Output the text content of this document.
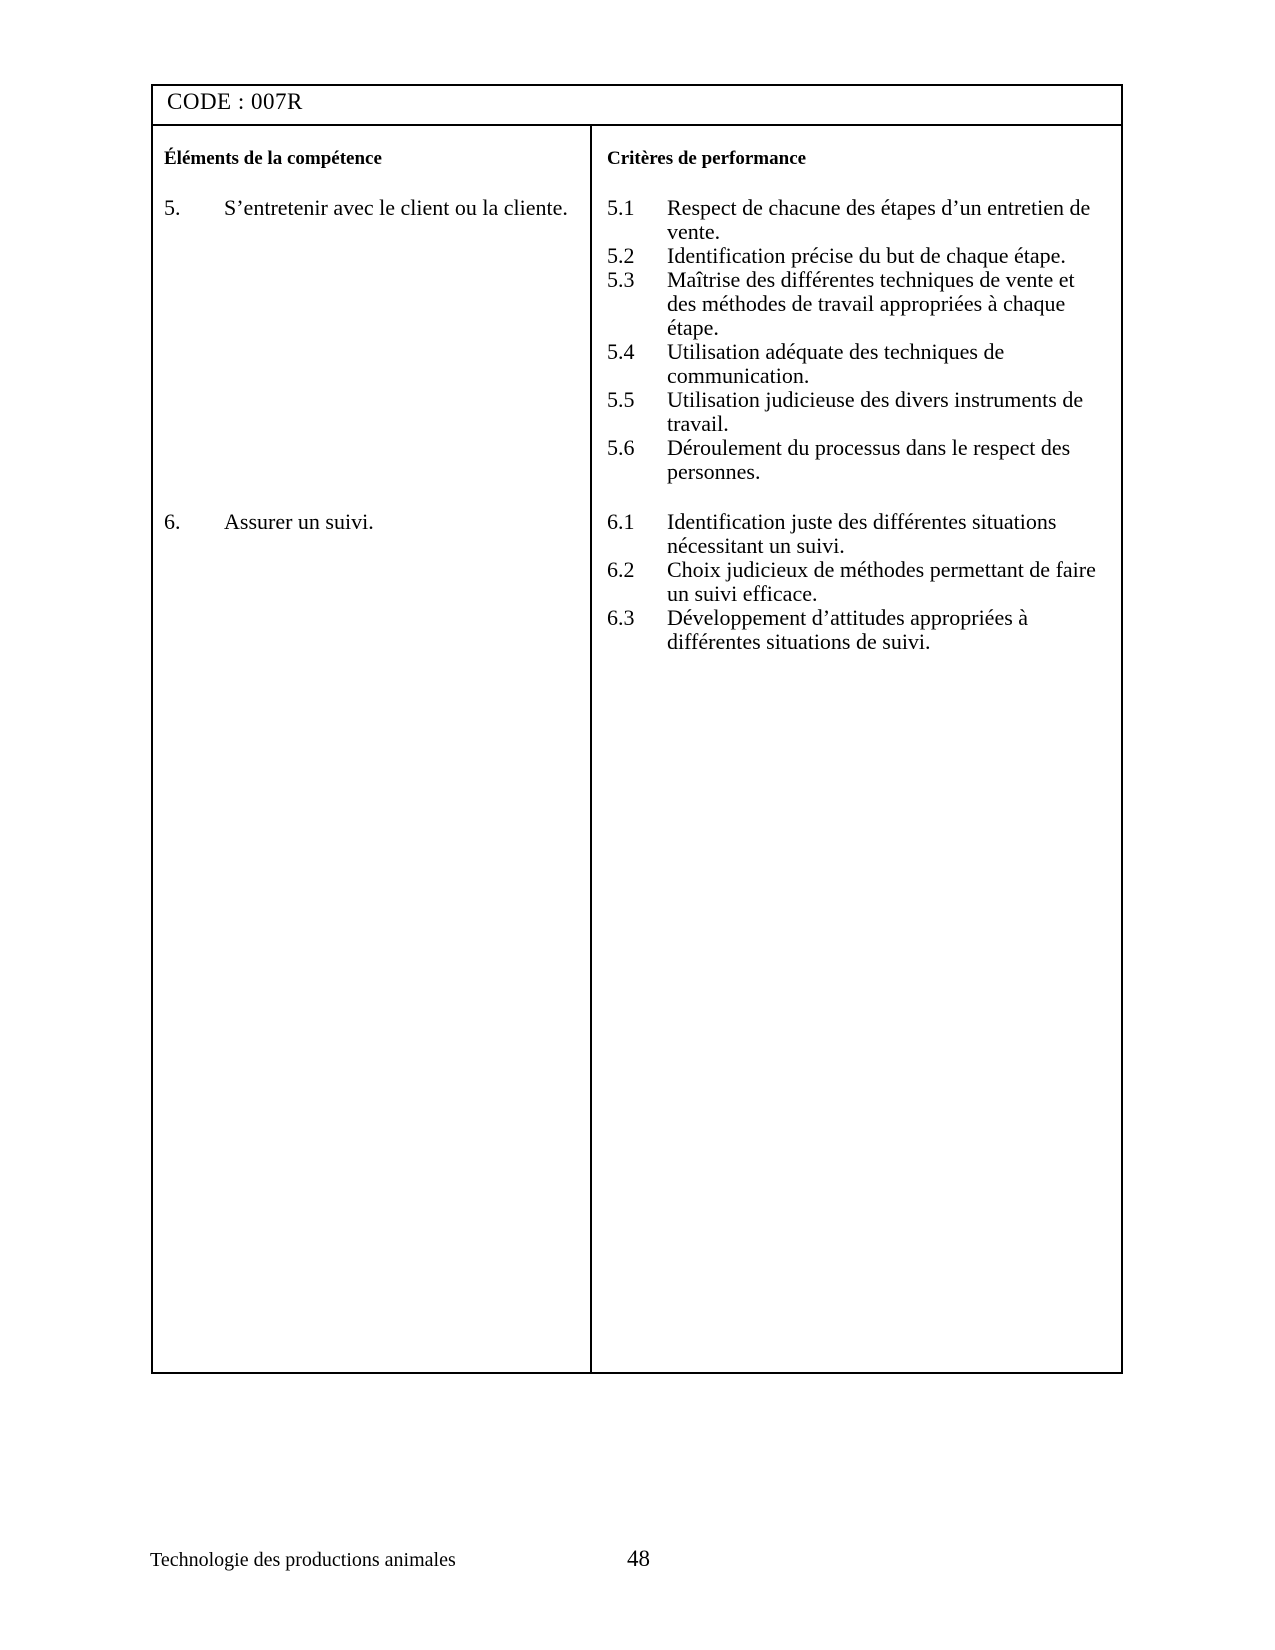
CODE : 007R
Éléments de la compétence
5. S’entretenir avec le client ou la cliente.
6. Assurer un suivi.
Critères de performance
5.1 Respect de chacune des étapes d’un entretien de vente.
5.2 Identification précise du but de chaque étape.
5.3 Maîtrise des différentes techniques de vente et des méthodes de travail appropriées à chaque étape.
5.4 Utilisation adéquate des techniques de communication.
5.5 Utilisation judicieuse des divers instruments de travail.
5.6 Déroulement du processus dans le respect des personnes.
6.1 Identification juste des différentes situations nécessitant un suivi.
6.2 Choix judicieux de méthodes permettant de faire un suivi efficace.
6.3 Développement d’attitudes appropriées à différentes situations de suivi.
Technologie des productions animales	48
